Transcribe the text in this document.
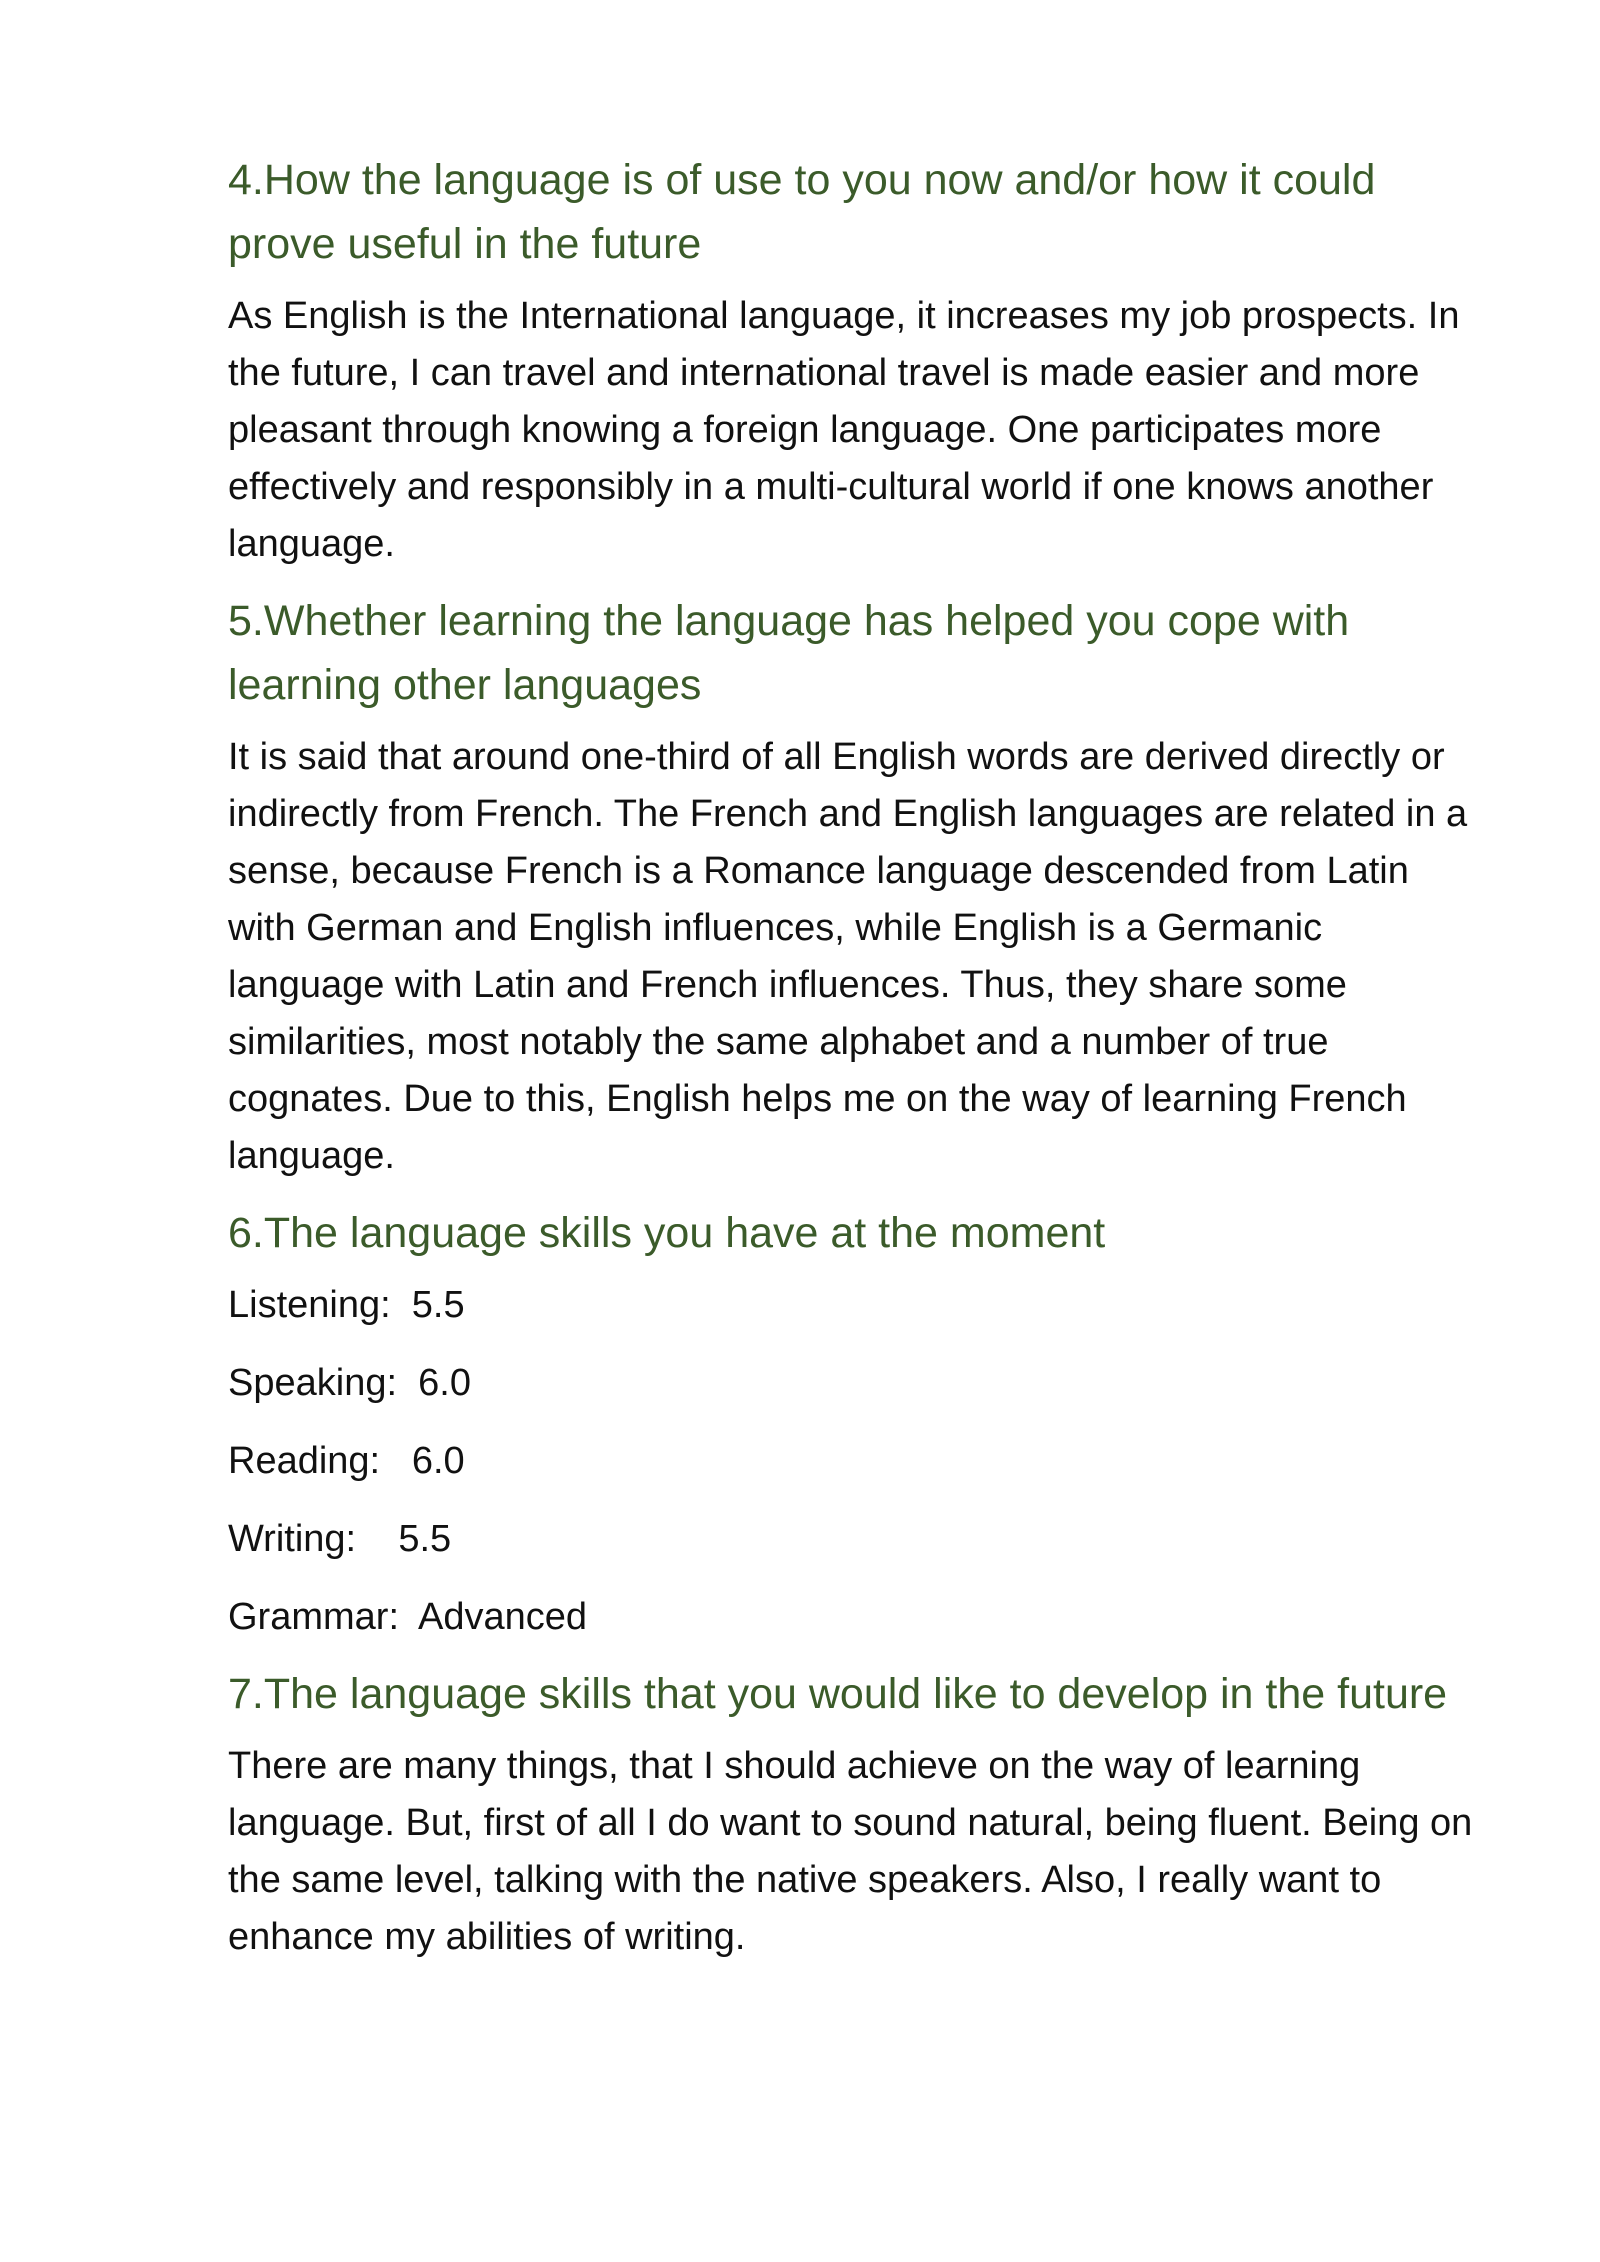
4.How the language is of use to you now and/or how it could prove useful in the future

As English is the International language, it increases my job prospects. In the future, I can travel and international travel is made easier and more pleasant through knowing a foreign language. One participates more effectively and responsibly in a multi-cultural world if one knows another language.

5.Whether learning the language has helped you cope with learning other languages

It is said that around one-third of all English words are derived directly or indirectly from French. The French and English languages are related in a sense, because French is a Romance language descended from Latin with German and English influences, while English is a Germanic language with Latin and French influences. Thus, they share some similarities, most notably the same alphabet and a number of true cognates. Due to this, English helps me on the way of learning French language.

6.The language skills you have at the moment
Listening: 5.5
Speaking: 6.0
Reading: 6.0
Writing: 5.5
Grammar: Advanced
7.The language skills that you would like to develop in the future

There are many things, that I should achieve on the way of learning language. But, first of all I do want to sound natural, being fluent. Being on the same level, talking with the native speakers. Also, I really want to enhance my abilities of writing.
